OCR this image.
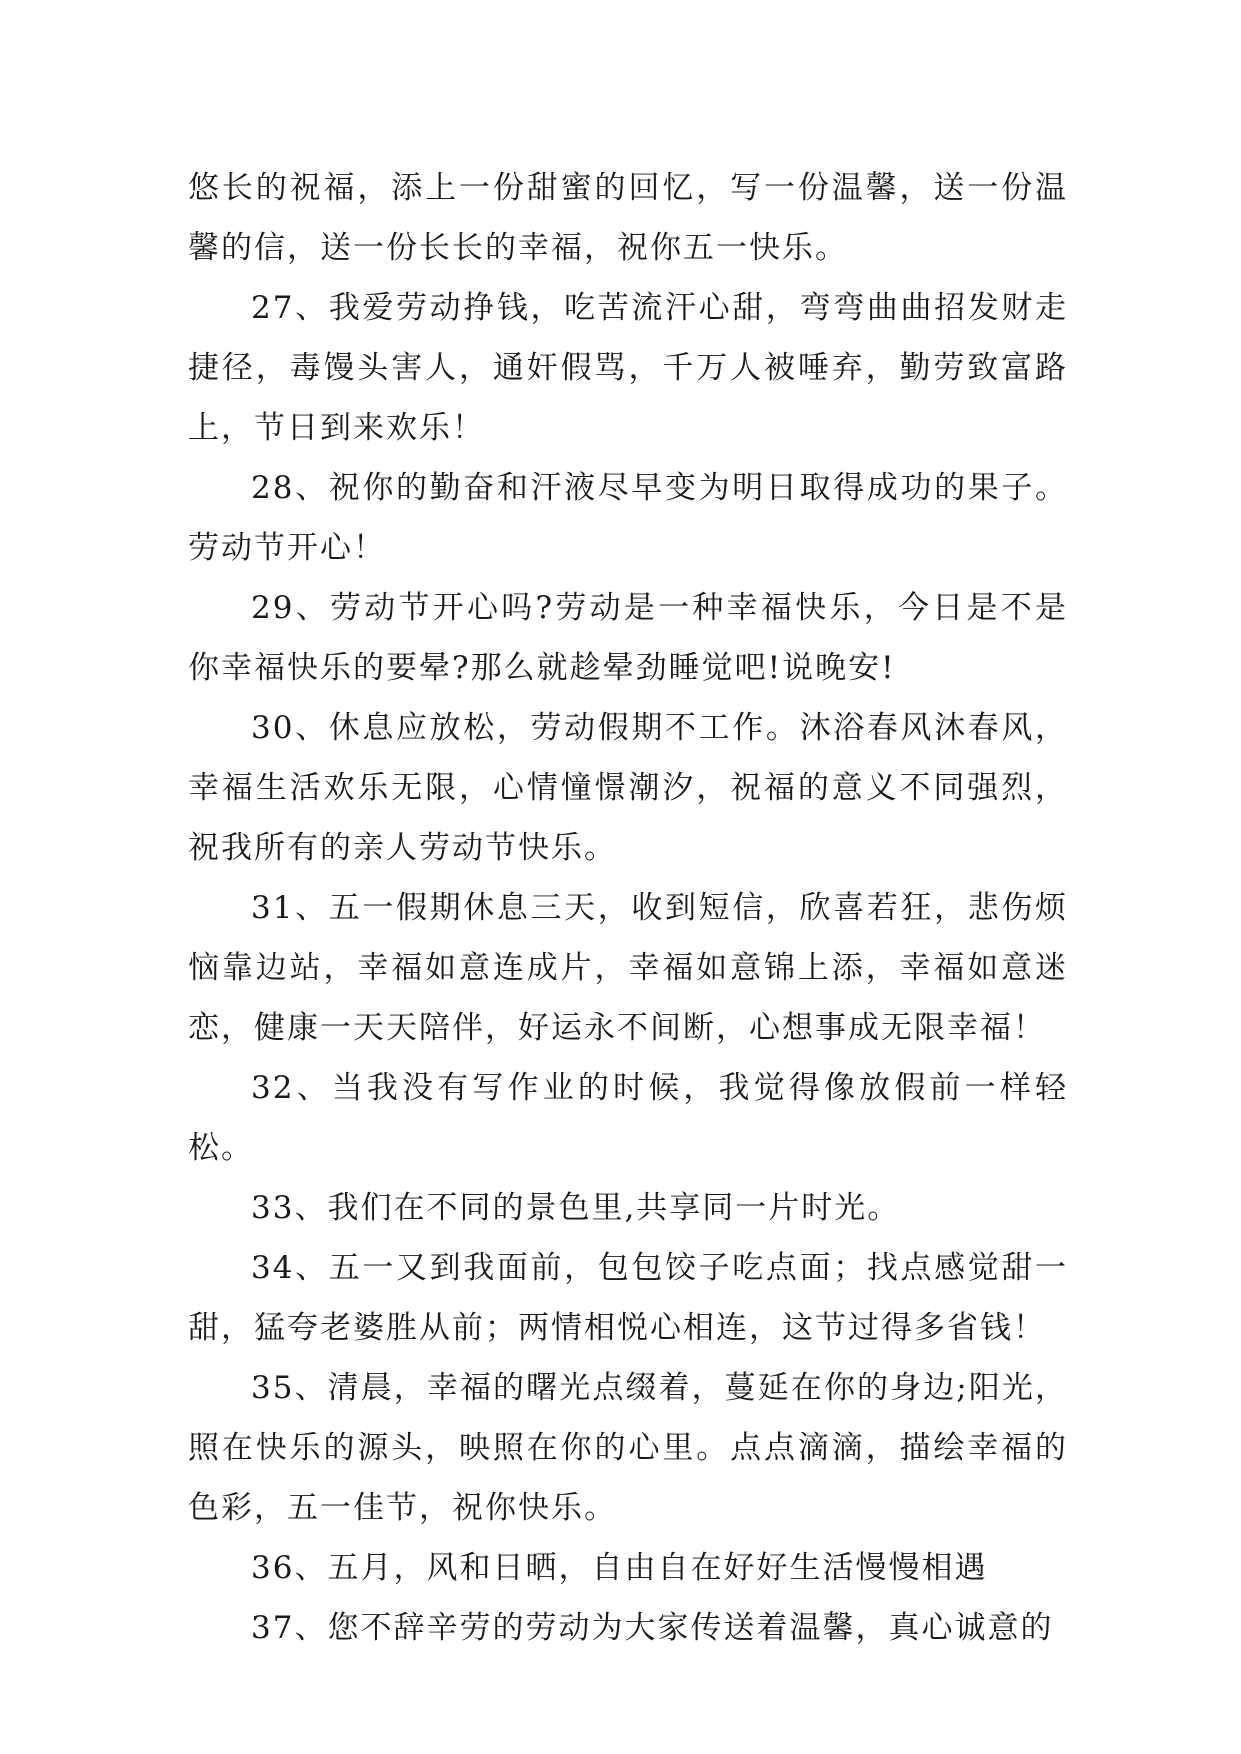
悠长的祝福，添上一份甜蜜的回忆，写一份温馨，送一份温馨的信，送一份长长的幸福，祝你五一快乐。

27、我爱劳动挣钱，吃苦流汗心甜，弯弯曲曲招发财走捷径，毒馒头害人，通奸假骂，千万人被唾弃，勤劳致富路上，节日到来欢乐！

28、祝你的勤奋和汗液尽早变为明日取得成功的果子。劳动节开心！

29、劳动节开心吗?劳动是一种幸福快乐，今日是不是你幸福快乐的要晕?那么就趁晕劲睡觉吧!说晚安!

30、休息应放松，劳动假期不工作。沐浴春风沐春风，幸福生活欢乐无限，心情憧憬潮汐，祝福的意义不同强烈，祝我所有的亲人劳动节快乐。

31、五一假期休息三天，收到短信，欣喜若狂，悲伤烦恼靠边站，幸福如意连成片，幸福如意锦上添，幸福如意迷恋，健康一天天陪伴，好运永不间断，心想事成无限幸福！

32、当我没有写作业的时候，我觉得像放假前一样轻松。

33、我们在不同的景色里,共享同一片时光。

34、五一又到我面前，包包饺子吃点面；找点感觉甜一甜，猛夸老婆胜从前；两情相悦心相连，这节过得多省钱！

35、清晨，幸福的曙光点缀着，蔓延在你的身边;阳光，照在快乐的源头，映照在你的心里。点点滴滴，描绘幸福的色彩，五一佳节，祝你快乐。

36、五月，风和日晒，自由自在好好生活慢慢相遇

37、您不辞辛劳的劳动为大家传送着温馨，真心诚意的
